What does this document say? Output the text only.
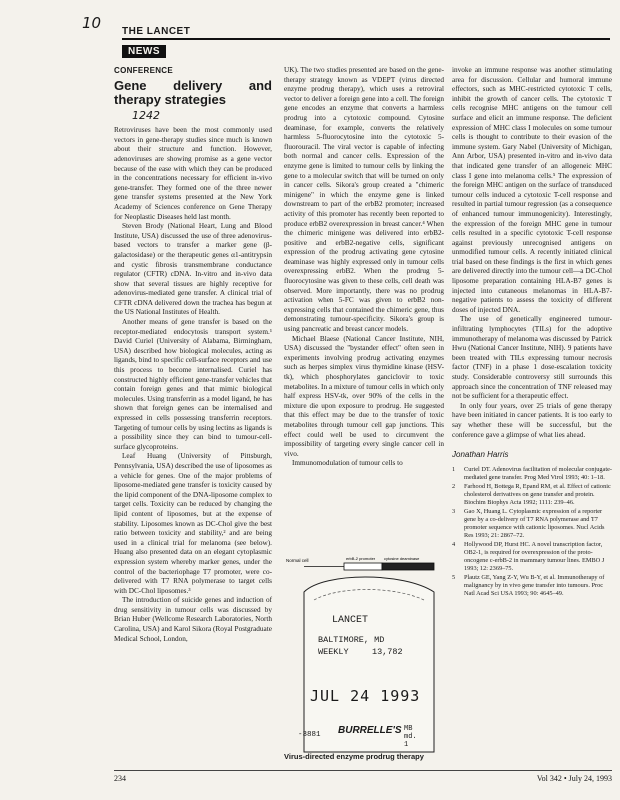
10 THE LANCET
NEWS
CONFERENCE
Gene delivery and therapy strategies
1242

Retroviruses have been the most commonly used vectors in gene-therapy studies since much is known about their structure and function. However, adenoviruses are showing promise as a gene vector because of the ease with which they can be produced in the concentrations necessary for efficient in-vivo gene-transfer. They formed one of the three newer gene transfer systems presented at the New York Academy of Sciences conference on Gene Therapy for Neoplastic Diseases held last month.

Steven Brody (National Heart, Lung and Blood Institute, USA) discussed the use of three adenovirus-based vectors to transfer a marker gene (β-galactosidase) or the therapeutic genes α1-antitrypsin and cystic fibrosis transmembrane conductance regulator (CFTR) cDNA. In-vitro and in-vivo data show that several tissues are highly receptive for adenovirus-mediated gene transfer. A clinical trial of CFTR cDNA delivered down the trachea has begun at the US National Institutes of Health.

Another means of gene transfer is based on the receptor-mediated endocytosis transport system.¹ David Curiel (University of Alabama, Birmingham, USA) described how biological molecules, acting as ligands, bind to specific cell-surface receptors and use this process to become internalised. Curiel has constructed highly efficient gene-transfer vehicles that contain foreign genes and that mimic biological molecules. Using transferrin as a model ligand, he has shown that foreign genes can be internalised and expressed in cells possessing transferrin receptors. Targeting of tumour cells by using lectins as ligands is a possibility since they can bind to tumour-cell-surface glycoproteins.

Leaf Huang (University of Pittsburgh, Pennsylvania, USA) described the use of liposomes as a vehicle for genes. One of the major problems of liposome-mediated gene transfer is toxicity caused by the lipid component of the DNA-liposome complex to target cells. Toxicity can be reduced by changing the lipid content of liposomes, but at the expense of stability. Liposomes known as DC-Chol give the best ratio between toxicity and stability,² and are being used in a clinical trial for melanoma (see below). Huang also presented data on an elegant cytoplasmic expression system whereby marker genes, under the control of the bacteriophage T7 promoter, were co-delivered with T7 RNA polymerase to target cells with DC-Chol liposomes.³

The introduction of suicide genes and induction of drug sensitivity in tumour cells was discussed by Brian Huber (Wellcome Research Laboratories, North Carolina, USA) and Karol Sikora (Royal Postgraduate Medical School, London,

UK). The two studies presented are based on the gene-therapy strategy known as VDEPT (virus directed enzyme prodrug therapy), which uses a retroviral vector to deliver a foreign gene into a cell. The foreign gene encodes an enzyme that converts a harmless prodrug into a cytotoxic compound. Cytosine deaminase, for example, converts the relatively harmless 5-fluorocytosine into the cytotoxic 5-fluorouracil. The viral vector is capable of infecting both normal and cancer cells. Expression of the enzyme gene is limited to tumour cells by linking the gene to a molecular switch that will be turned on only in cancer cells. Sikora's group created a "chimeric minigene" in which the enzyme gene is linked downstream to part of the erbB2 promoter; increased activity of this promoter has recently been reported to produce erbB2 overexpression in breast cancer.⁴ When the chimeric minigene was delivered into erbB2-positive and erbB2-negative cells, significant expression of the prodrug activating gene cytosine deaminase was highly expressed only in tumour cells overexpressing erbB2. When the prodrug 5-fluorocytosine was given to these cells, cell death was observed. More importantly, there was no prodrug activation when 5-FC was given to erbB2 non-expressing cells that contained the chimeric gene, thus demonstrating tumour-specificity. Sikora's group is using pancreatic and breast cancer models.

Michael Blaese (National Cancer Institute, NIH, USA) discussed the "bystander effect" often seen in experiments involving prodrug activating enzymes such as herpes simplex virus thymidine kinase (HSV-tk), which phosphorylates ganciclovir to toxic metabolites. In a mixture of tumour cells in which only half express HSV-tk, over 90% of the cells in the mixture die upon exposure to prodrug. He suggested that this effect may be due to the transfer of toxic metabolites through tumour cell gap junctions. This effect could well be used to circumvent the impossibility of targeting every single cancer cell in vivo.

Immunomodulation of tumour cells to

Normal cell	erbB-2 promoter cytosine deaminase
LANCET
BALTIMORE, MD
WEEKLY	13,782
JUL 24 1993
-3881 BURRELLE'S MB
md. 1
Virus-directed enzyme prodrug therapy

invoke an immune response was another stimulating area for discussion. Cellular and humoral immune effectors, such as MHC-restricted cytotoxic T cells, inhibit the growth of cancer cells. The cytotoxic T cells recognise MHC antigens on the tumour cell surface and elicit an immune response. The deficient expression of MHC class I molecules on some tumour cells is thought to contribute to their evasion of the immune system. Gary Nabel (University of Michigan, Ann Arbor, USA) presented in-vitro and in-vivo data that indicated gene transfer of an allogeneic MHC class I gene into melanoma cells.⁵ The expression of the foreign MHC antigen on the surface of transduced tumour cells induced a cytotoxic T-cell response and resulted in partial tumour regression (as a consequence of enhanced tumour immunogenicity). Interestingly, the expression of the foreign MHC gene in tumour cells resulted in a specific cytotoxic T-cell response against previously unrecognised antigens on unmodified tumour cells. A recently initiated clinical trial based on these findings is the first in which genes are delivered directly into the tumour cell—a DC-Chol liposome preparation containing HLA-B7 genes is injected into cutaneous melanomas in HLA-B7-negative patients to assess the toxicity of different doses of injected DNA.

The use of genetically engineered tumour-infiltrating lymphocytes (TILs) for the adoptive immunotherapy of melanoma was discussed by Patrick Hwu (National Cancer Institute, NIH). 9 patients have been treated with TILs expressing tumour necrosis factor (TNF) in a phase 1 dose-escalation toxicity study. Considerable controversy still surrounds this approach since the concentration of TNF released may not be sufficient for a therapeutic effect.

In only four years, over 25 trials of gene therapy have been initiated in cancer patients. It is too early to say whether these will be successful, but the conference gave a glimpse of what lies ahead.

Jonathan Harris
1 Curiel DT. Adenovirus facilitation of molecular conjugate-mediated gene transfer. Prog Med Virol 1993; 40: 1–18.
2 Farhood H, Bottega R, Epand RM, et al. Effect of cationic cholesterol derivatives on gene transfer and protein. Biochim Biophys Acta 1992; 1111: 239–46.
3 Gao X, Huang L. Cytoplasmic expression of a reporter gene by a co-delivery of T7 RNA polymerase and T7 promoter sequence with cationic liposomes. Nucl Acids Res 1993; 21: 2867–72.
4 Hollywood DP, Hurst HC. A novel transcription factor, OB2-1, is required for overexpression of the proto-oncogene c-erbB-2 in mammary tumour lines. EMBO J 1993; 12: 2369–75.
5 Plautz GE, Yang Z-Y, Wu B-Y, et al. Immunotherapy of malignancy by in vivo gene transfer into tumours. Proc Natl Acad Sci USA 1993; 90: 4645–49.
234	Vol 342 • July 24, 1993
